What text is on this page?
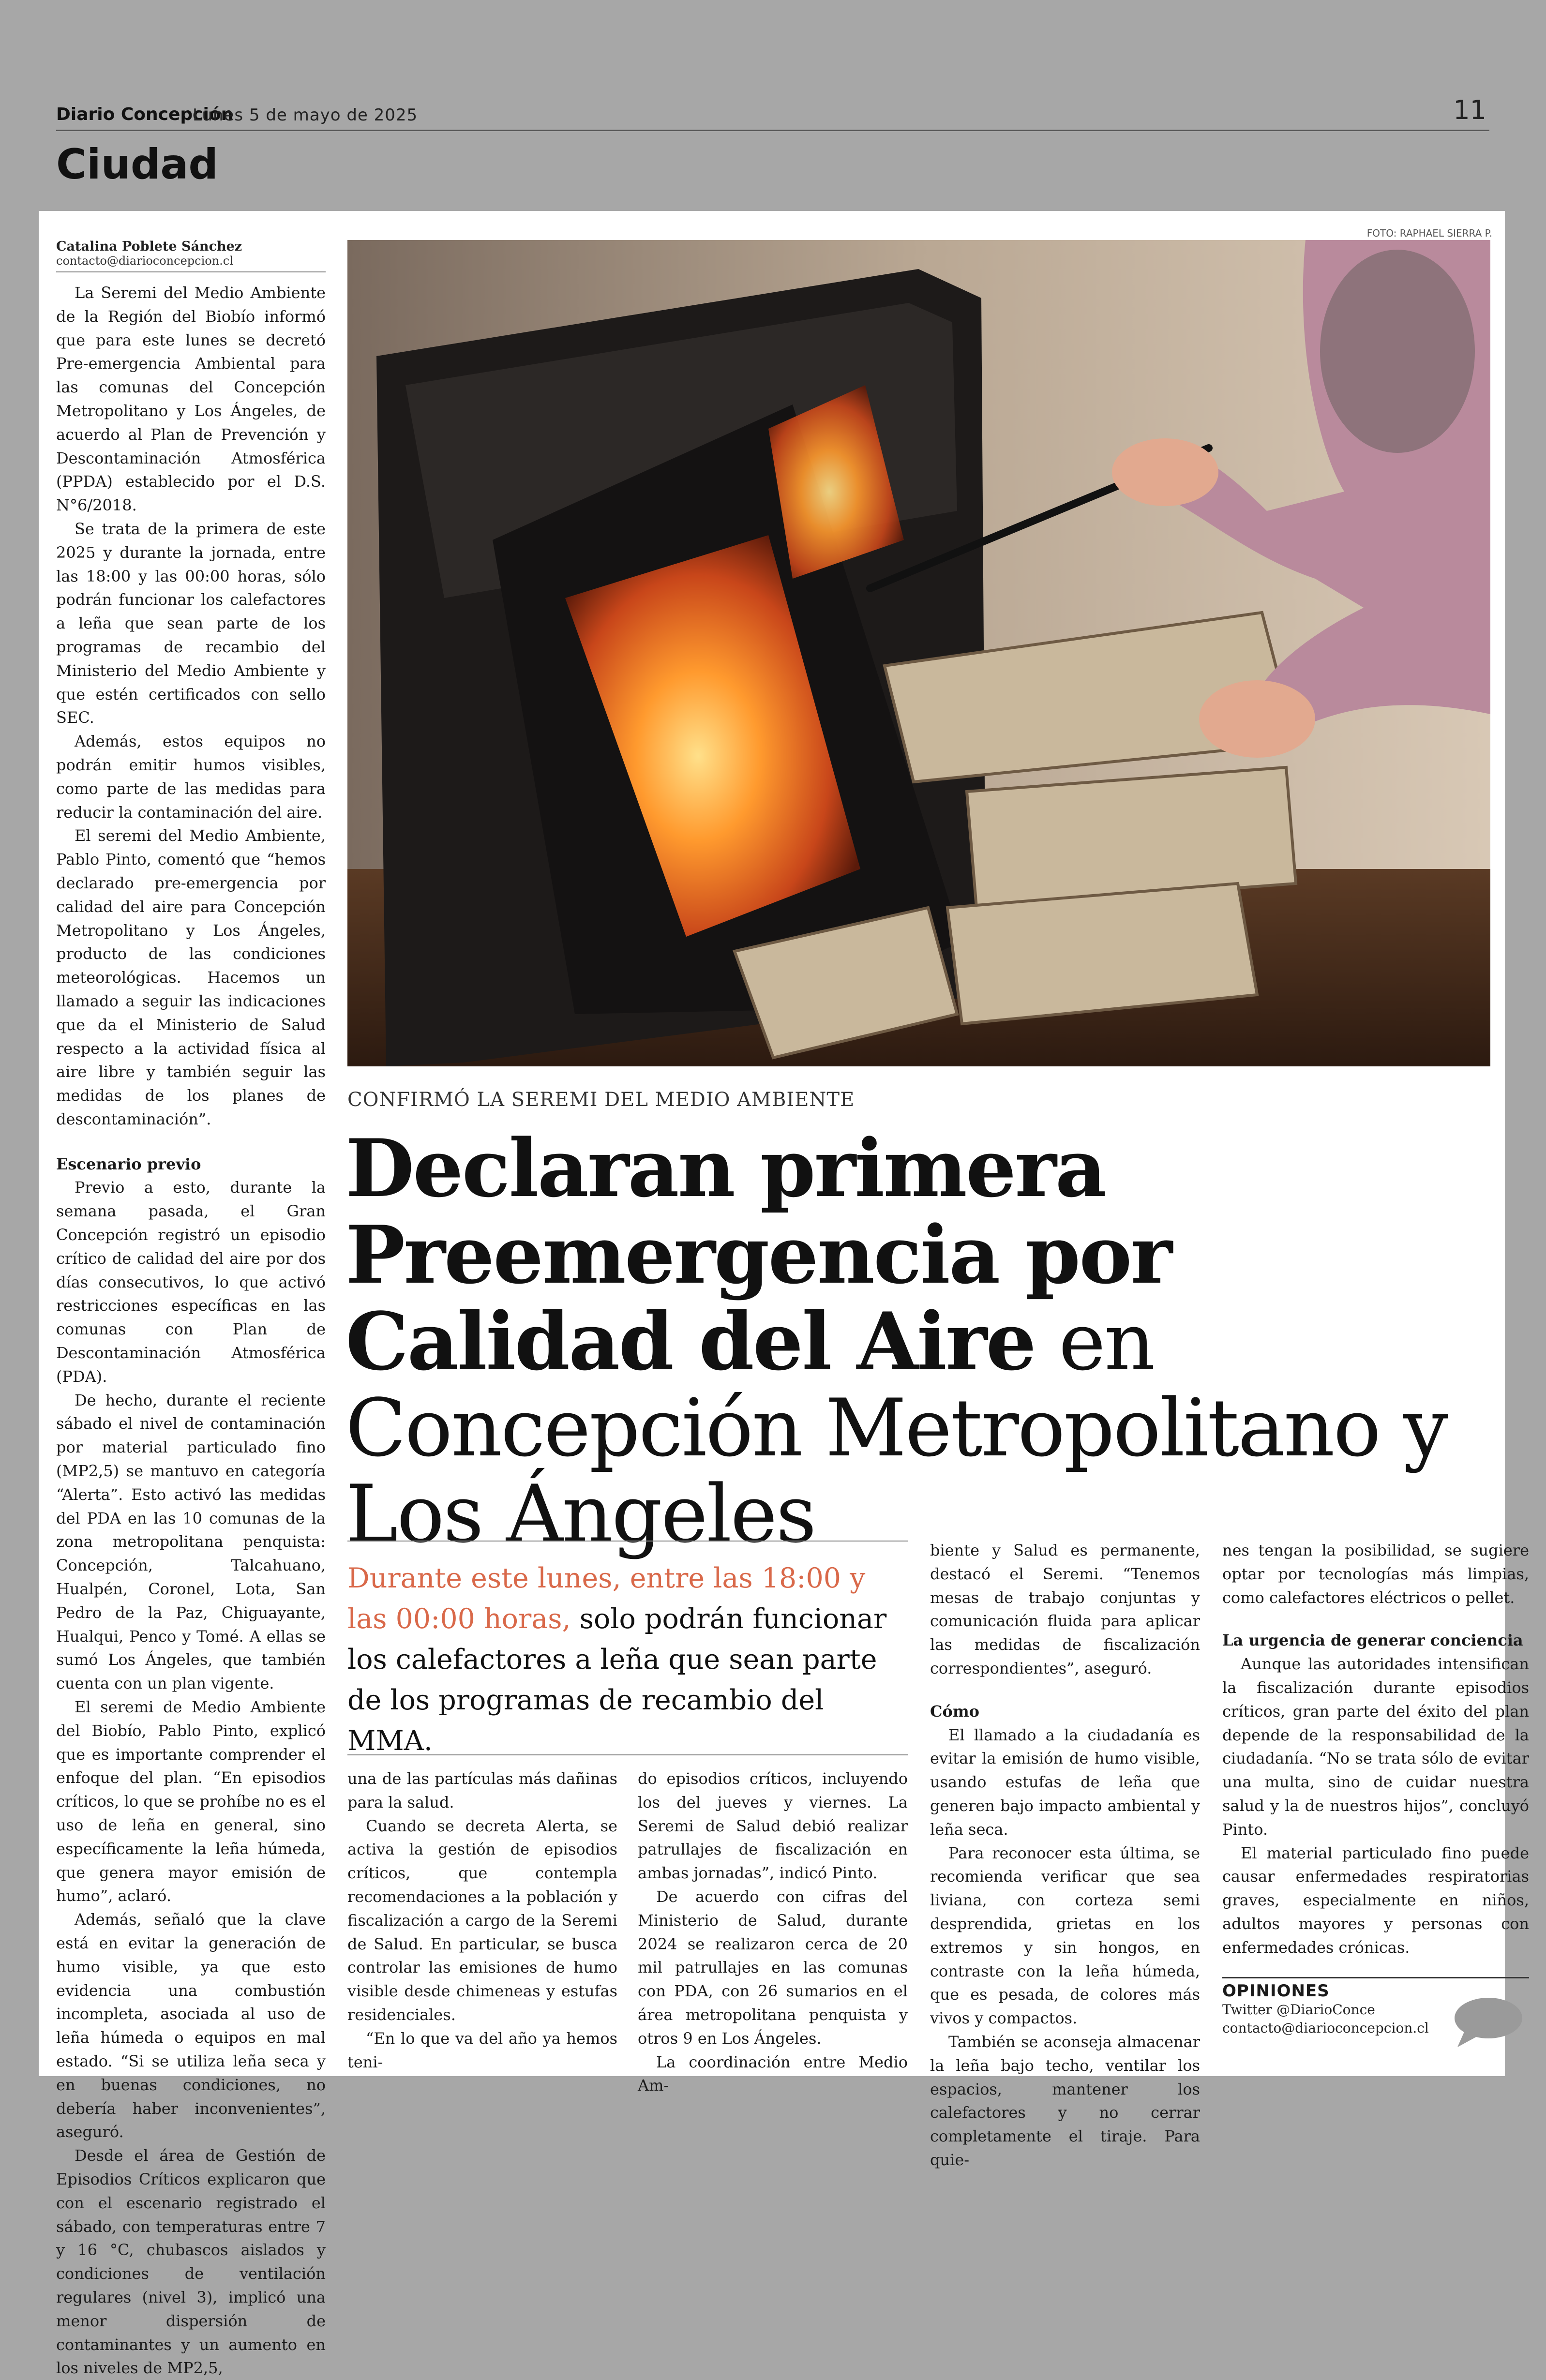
Diario Concepción
Lunes 5 de mayo de 2025	11
Ciudad
Catalina Poblete Sánchez
contacto@diarioconcepcion.cl

La Seremi del Medio Ambiente de la Región del Biobío informó que para este lunes se decretó Pre-emergencia Ambiental para las comunas del Concepción Metropolitano y Los Ángeles, de acuerdo al Plan de Prevención y Descontaminación Atmosférica (PPDA) establecido por el D.S. N°6/2018.

Se trata de la primera de este 2025 y durante la jornada, entre las 18:00 y las 00:00 horas, sólo podrán funcionar los calefactores a leña que sean parte de los programas de recambio del Ministerio del Medio Ambiente y que estén certificados con sello SEC.

Además, estos equipos no podrán emitir humos visibles, como parte de las medidas para reducir la contaminación del aire.

El seremi del Medio Ambiente, Pablo Pinto, comentó que “hemos declarado pre-emergencia por calidad del aire para Concepción Metropolitano y Los Ángeles, producto de las condiciones meteorológicas. Hacemos un llamado a seguir las indicaciones que da el Ministerio de Salud respecto a la actividad física al aire libre y también seguir las medidas de los planes de descontaminación”.

Escenario previo

Previo a esto, durante la semana pasada, el Gran Concepción registró un episodio crítico de calidad del aire por dos días consecutivos, lo que activó restricciones específicas en las comunas con Plan de Descontaminación Atmosférica (PDA).

De hecho, durante el reciente sábado el nivel de contaminación por material particulado fino (MP2,5) se mantuvo en categoría “Alerta”. Esto activó las medidas del PDA en las 10 comunas de la zona metropolitana penquista: Concepción, Talcahuano, Hualpén, Coronel, Lota, San Pedro de la Paz, Chiguayante, Hualqui, Penco y Tomé. A ellas se sumó Los Ángeles, que también cuenta con un plan vigente.

El seremi de Medio Ambiente del Biobío, Pablo Pinto, explicó que es importante comprender el enfoque del plan. “En episodios críticos, lo que se prohíbe no es el uso de leña en general, sino específicamente la leña húmeda, que genera mayor emisión de humo”, aclaró.

Además, señaló que la clave está en evitar la generación de humo visible, ya que esto evidencia una combustión incompleta, asociada al uso de leña húmeda o equipos en mal estado. “Si se utiliza leña seca y en buenas condiciones, no debería haber inconvenientes”, aseguró.

Desde el área de Gestión de Episodios Críticos explicaron que con el escenario registrado el sábado, con temperaturas entre 7 y 16 °C, chubascos aislados y condiciones de ventilación regulares (nivel 3), implicó una menor dispersión de contaminantes y un aumento en los niveles de MP2,5,

FOTO: RAPHAEL SIERRA P.
CONFIRMÓ LA SEREMI DEL MEDIO AMBIENTE
Declaran primera Preemergencia por Calidad del Aire en Concepción Metropolitano y Los Ángeles

Durante este lunes, entre las 18:00 y las 00:00 horas, solo podrán funcionar los calefactores a leña que sean parte de los programas de recambio del MMA.

una de las partículas más dañinas para la salud.

Cuando se decreta Alerta, se activa la gestión de episodios críticos, que contempla recomendaciones a la población y fiscalización a cargo de la Seremi de Salud. En particular, se busca controlar las emisiones de humo visible desde chimeneas y estufas residenciales.

“En lo que va del año ya hemos teni-

do episodios críticos, incluyendo los del jueves y viernes. La Seremi de Salud debió realizar patrullajes de fiscalización en ambas jornadas”, indicó Pinto.

De acuerdo con cifras del Ministerio de Salud, durante 2024 se realizaron cerca de 20 mil patrullajes en las comunas con PDA, con 26 sumarios en el área metropolitana penquista y otros 9 en Los Ángeles.

La coordinación entre Medio Am-

biente y Salud es permanente, destacó el Seremi. “Tenemos mesas de trabajo conjuntas y comunicación fluida para aplicar las medidas de fiscalización correspondientes”, aseguró.

Cómo

El llamado a la ciudadanía es evitar la emisión de humo visible, usando estufas de leña que generen bajo impacto ambiental y leña seca.

Para reconocer esta última, se recomienda verificar que sea liviana, con corteza semi desprendida, grietas en los extremos y sin hongos, en contraste con la leña húmeda, que es pesada, de colores más vivos y compactos.

También se aconseja almacenar la leña bajo techo, ventilar los espacios, mantener los calefactores y no cerrar completamente el tiraje. Para quie-

nes tengan la posibilidad, se sugiere optar por tecnologías más limpias, como calefactores eléctricos o pellet.

La urgencia de generar conciencia

Aunque las autoridades intensifican la fiscalización durante episodios críticos, gran parte del éxito del plan depende de la responsabilidad de la ciudadanía. “No se trata sólo de evitar una multa, sino de cuidar nuestra salud y la de nuestros hijos”, concluyó Pinto.

El material particulado fino puede causar enfermedades respiratorias graves, especialmente en niños, adultos mayores y personas con enfermedades crónicas.

OPINIONES
Twitter @DiarioConce
contacto@diarioconcepcion.cl
